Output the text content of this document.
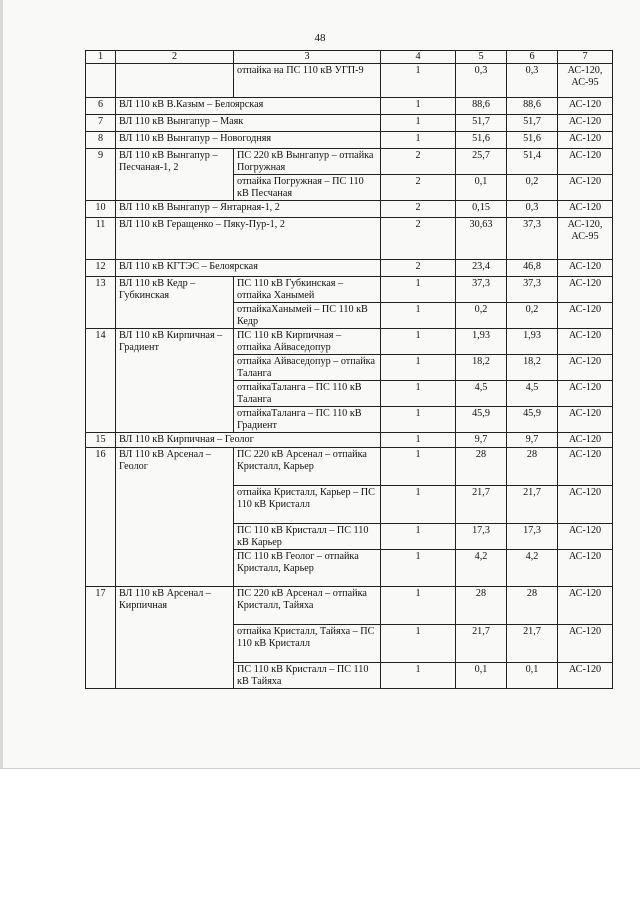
48
1	2	3	4	5	6	7
		отпайка на ПС 110 кВ УГП-9	1	0,3	0,3	АС-120, АС-95
6	ВЛ 110 кВ В.Казым – Белоярская		1	88,6	88,6	АС-120
7	ВЛ 110 кВ Вынгапур – Маяк		1	51,7	51,7	АС-120
8	ВЛ 110 кВ Вынгапур – Новогодняя		1	51,6	51,6	АС-120
9	ВЛ 110 кВ Вынгапур – Песчаная-1, 2	ПС 220 кВ Вынгапур – отпайка Погружная	2	25,7	51,4	АС-120
		отпайка Погружная – ПС 110 кВ Песчаная	2	0,1	0,2	АС-120
10	ВЛ 110 кВ Вынгапур – Янтарная-1, 2		2	0,15	0,3	АС-120
11	ВЛ 110 кВ Геращенко – Пяку-Пур-1, 2		2	30,63	37,3	АС-120, АС-95
12	ВЛ 110 кВ КГТЭС – Белоярская		2	23,4	46,8	АС-120
13	ВЛ 110 кВ Кедр – Губкинская	ПС 110 кВ Губкинская – отпайка Ханымей	1	37,3	37,3	АС-120
		отпайкаХанымей – ПС 110 кВ Кедр	1	0,2	0,2	АС-120
14	ВЛ 110 кВ Кирпичная – Градиент	ПС 110 кВ Кирпичная – отпайка Айваседопур	1	1,93	1,93	АС-120
		отпайка Айваседопур – отпайка Таланга	1	18,2	18,2	АС-120
		отпайкаТаланга – ПС 110 кВ Таланга	1	4,5	4,5	АС-120
		отпайкаТаланга – ПС 110 кВ Градиент	1	45,9	45,9	АС-120
15	ВЛ 110 кВ Кирпичная – Геолог		1	9,7	9,7	АС-120
16	ВЛ 110 кВ Арсенал – Геолог	ПС 220 кВ Арсенал – отпайка Кристалл, Карьер	1	28	28	АС-120
		отпайка Кристалл, Карьер – ПС 110 кВ Кристалл	1	21,7	21,7	АС-120
		ПС 110 кВ Кристалл – ПС 110 кВ Карьер	1	17,3	17,3	АС-120
		ПС 110 кВ Геолог – отпайка Кристалл, Карьер	1	4,2	4,2	АС-120
17	ВЛ 110 кВ Арсенал – Кирпичная	ПС 220 кВ Арсенал – отпайка Кристалл, Тайяха	1	28	28	АС-120
		отпайка Кристалл, Тайяха – ПС 110 кВ Кристалл	1	21,7	21,7	АС-120
		ПС 110 кВ Кристалл – ПС 110 кВ Тайяха	1	0,1	0,1	АС-120
